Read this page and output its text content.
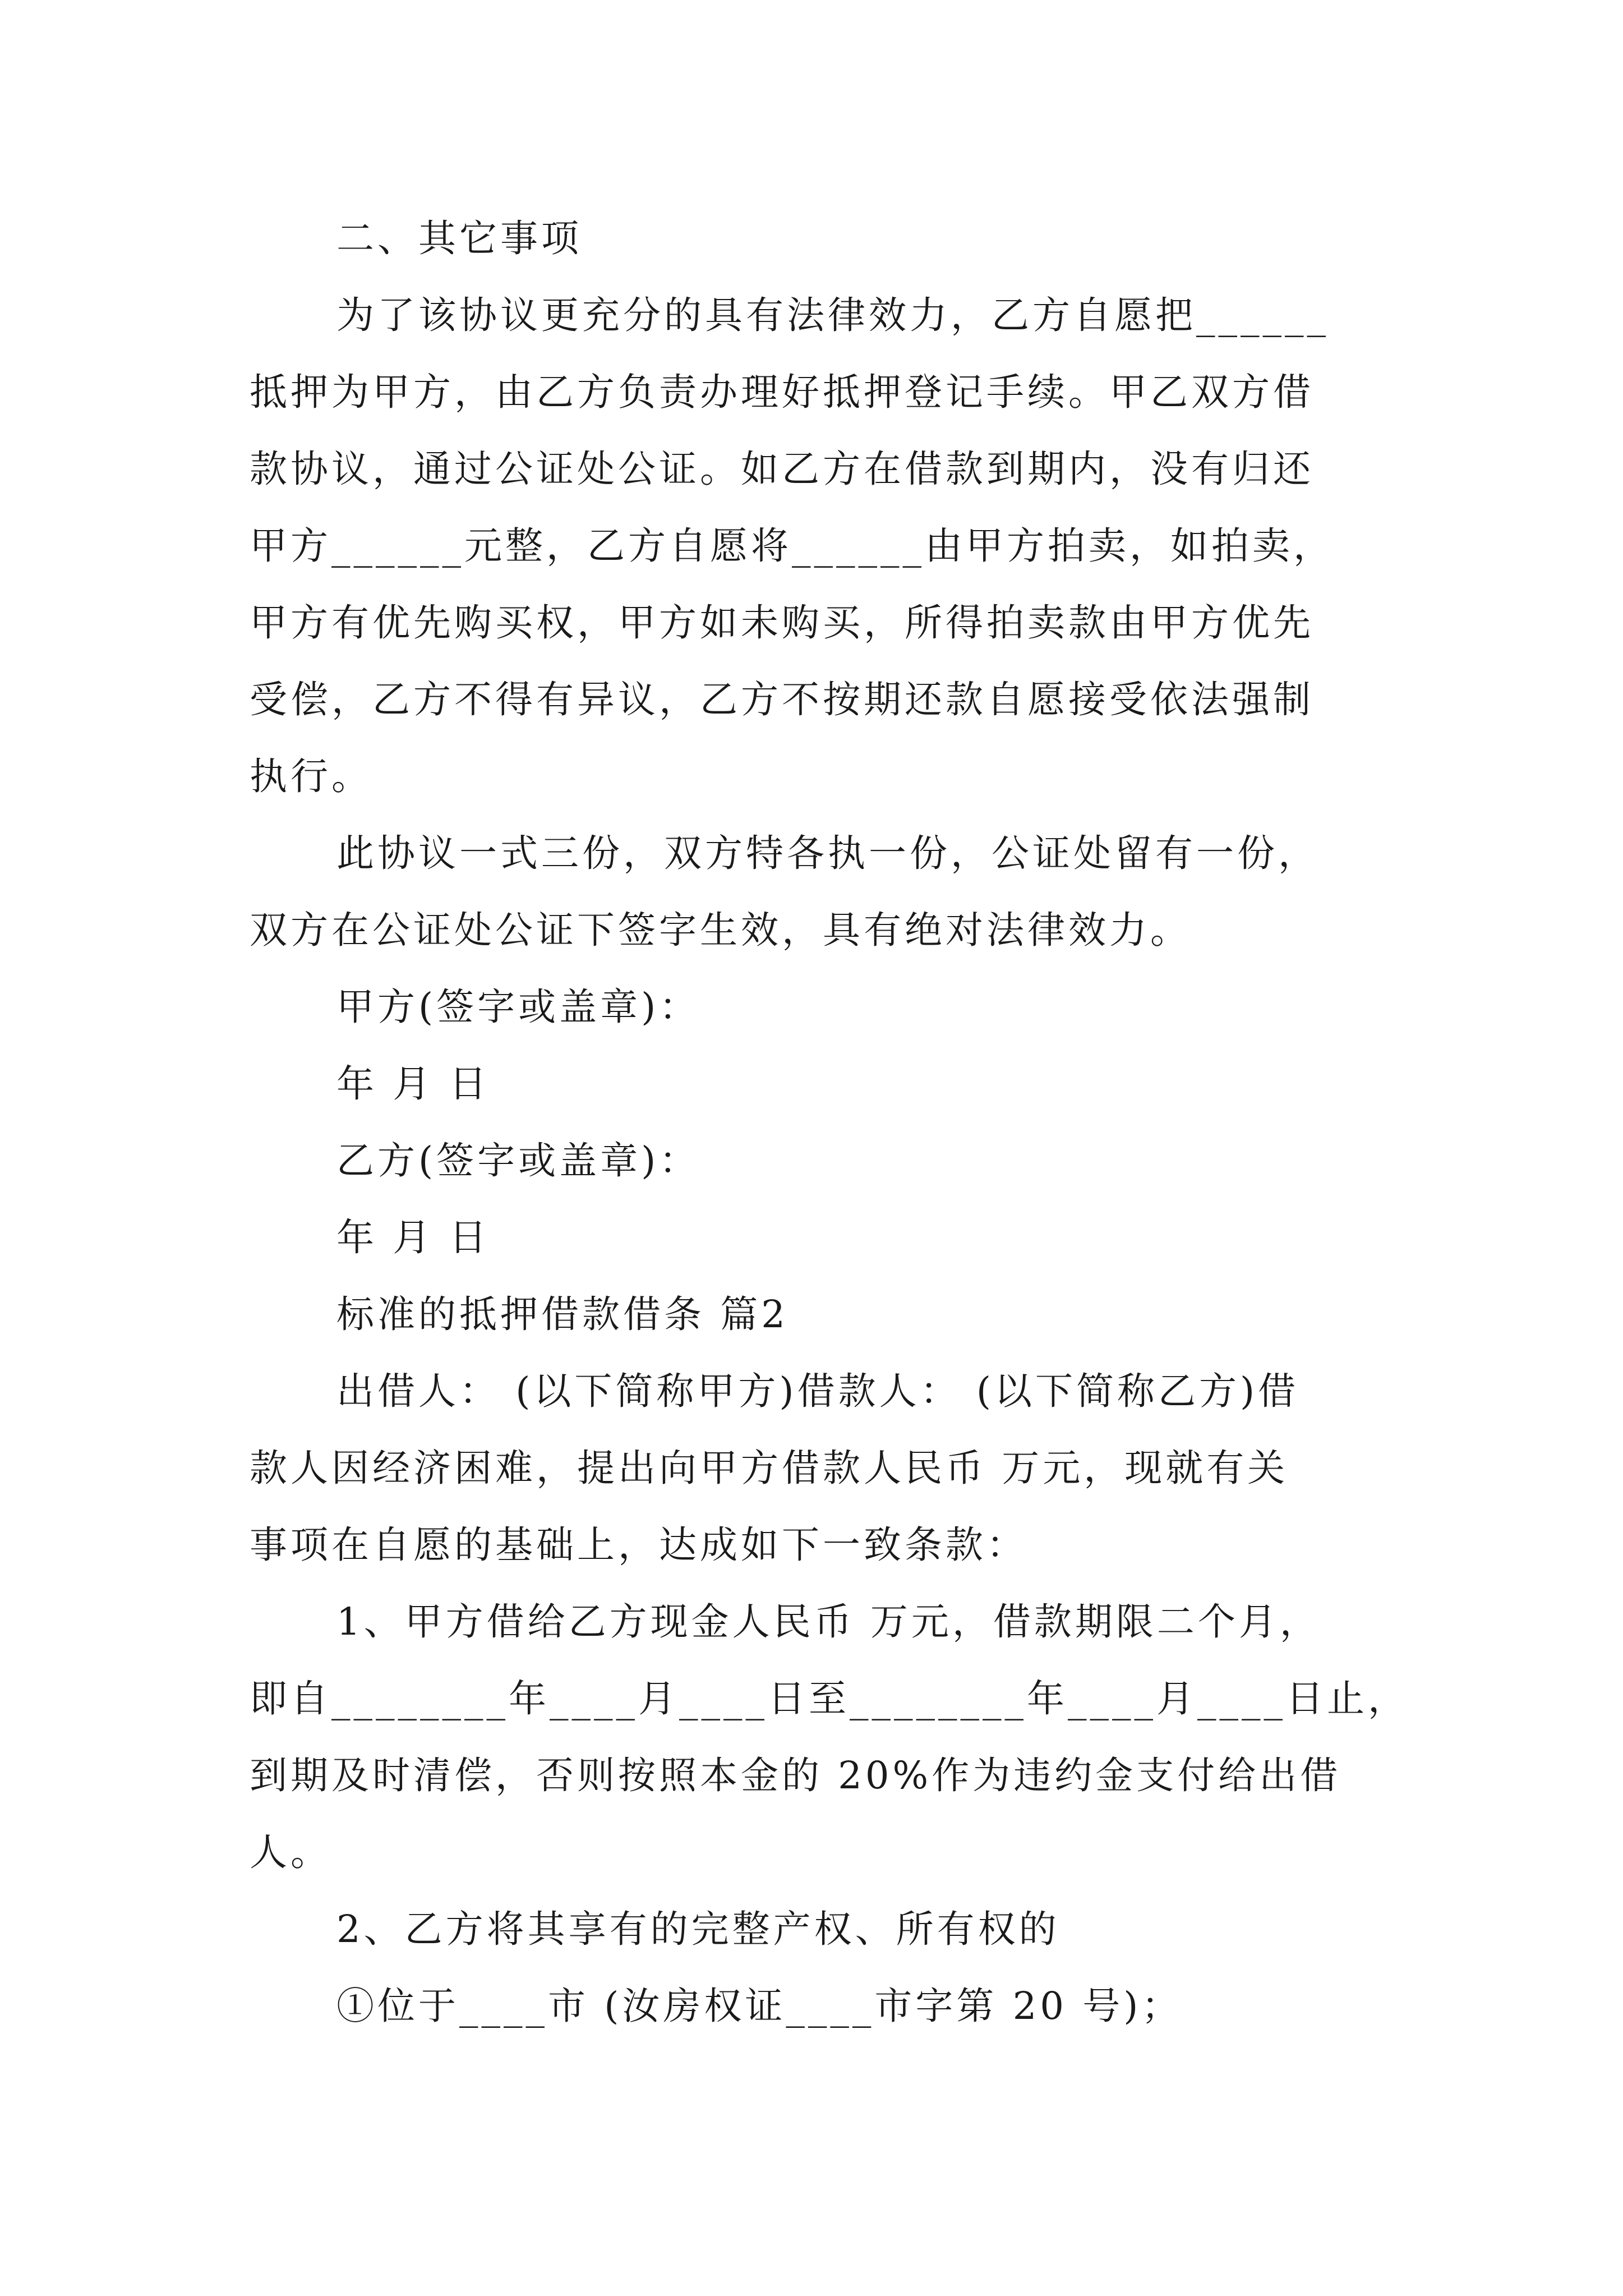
二、其它事项
为了该协议更充分的具有法律效力，乙方自愿把______
抵押为甲方，由乙方负责办理好抵押登记手续。甲乙双方借
款协议，通过公证处公证。如乙方在借款到期内，没有归还
甲方______元整，乙方自愿将______由甲方拍卖，如拍卖，
甲方有优先购买权，甲方如未购买，所得拍卖款由甲方优先
受偿，乙方不得有异议，乙方不按期还款自愿接受依法强制
执行。
此协议一式三份，双方特各执一份，公证处留有一份，
双方在公证处公证下签字生效，具有绝对法律效力。
甲方(签字或盖章)：
年 月 日
乙方(签字或盖章)：
年 月 日
标准的抵押借款借条 篇2
出借人： (以下简称甲方)借款人： (以下简称乙方)借
款人因经济困难，提出向甲方借款人民币 万元，现就有关
事项在自愿的基础上，达成如下一致条款：
1、甲方借给乙方现金人民币 万元，借款期限二个月，
即自________年____月____日至________年____月____日止，
到期及时清偿，否则按照本金的 20%作为违约金支付给出借
人。
2、乙方将其享有的完整产权、所有权的
①位于____市 (汝房权证____市字第 20 号)；
